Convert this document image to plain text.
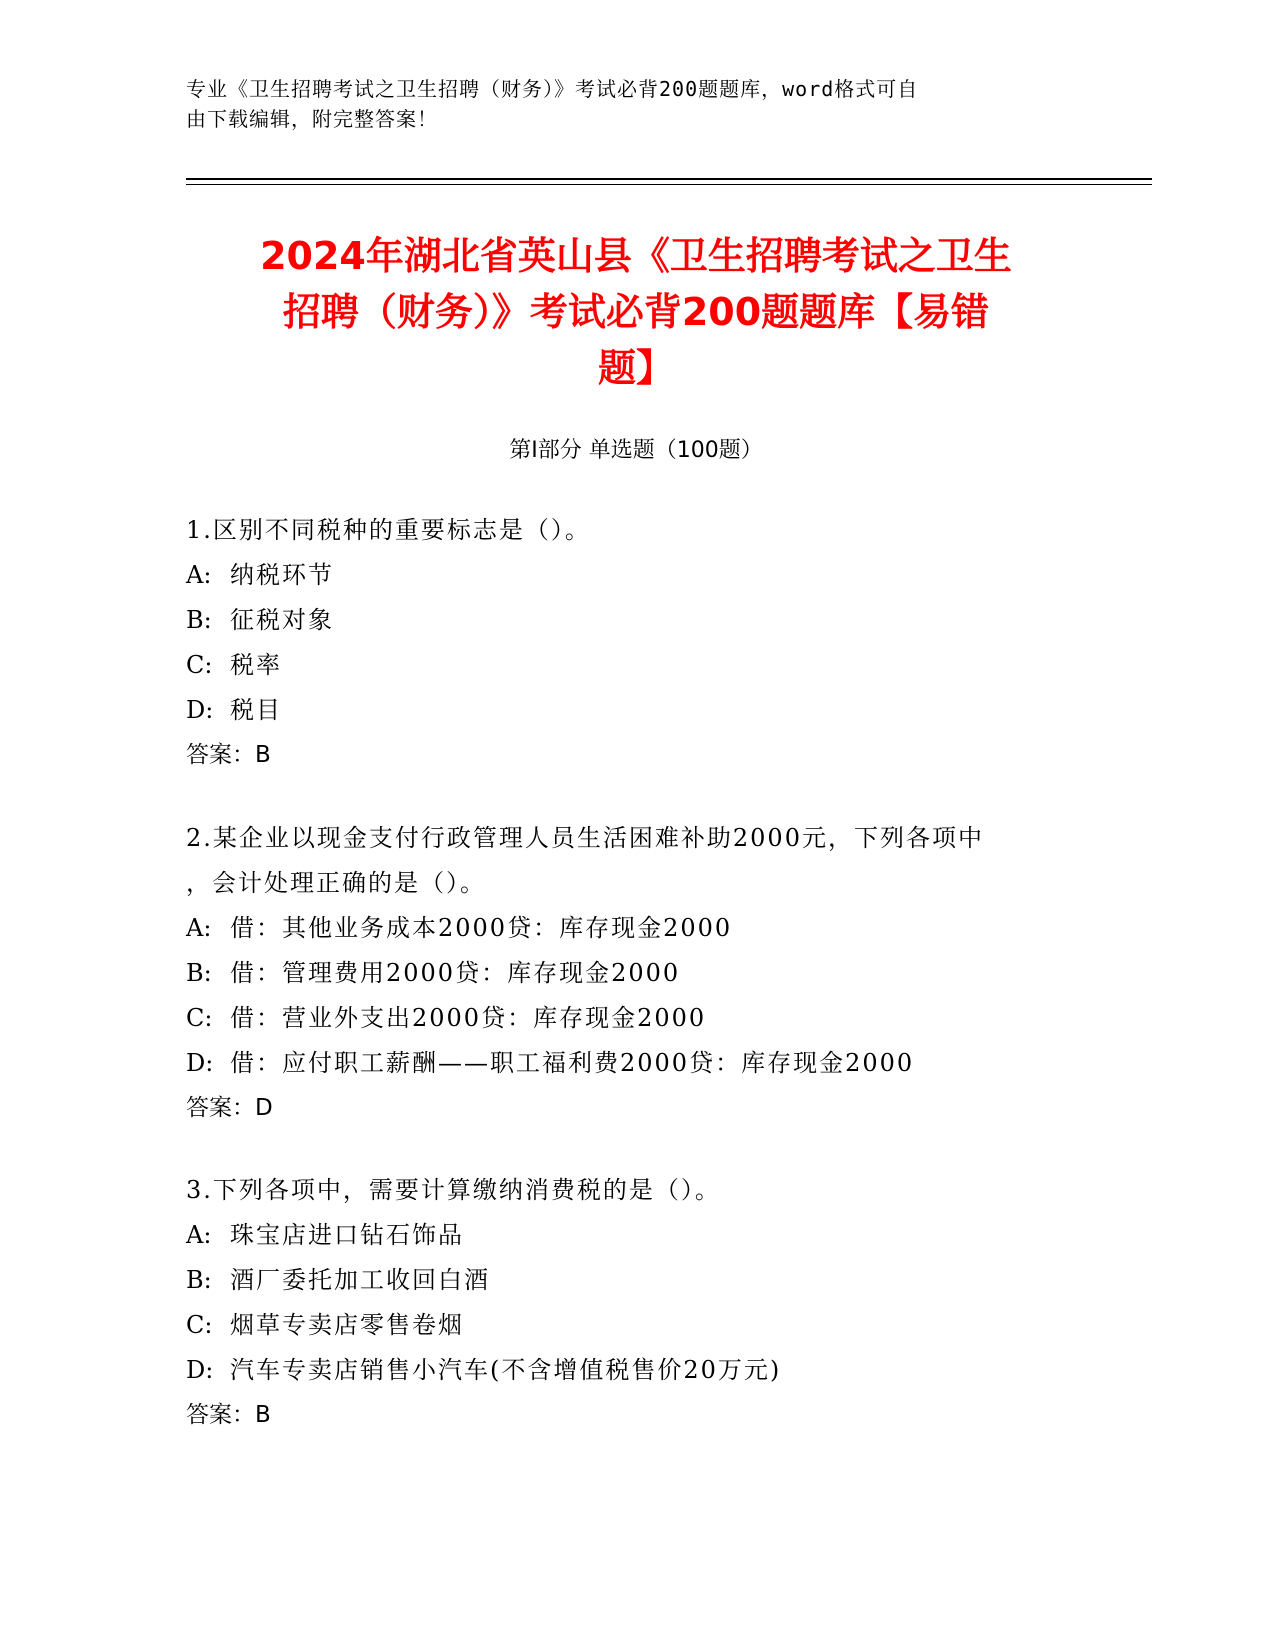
专业《卫生招聘考试之卫生招聘（财务）》考试必背200题题库，word格式可自
由下载编辑，附完整答案！
2024年湖北省英山县《卫生招聘考试之卫生
招聘（财务）》考试必背200题题库【易错
题】
第I部分 单选题（100题）
1.区别不同税种的重要标志是（）。
A: 纳税环节
B: 征税对象
C: 税率
D: 税目
答案：B
2.某企业以现金支付行政管理人员生活困难补助2000元，下列各项中
，会计处理正确的是（）。
A: 借：其他业务成本2000贷：库存现金2000
B: 借：管理费用2000贷：库存现金2000
C: 借：营业外支出2000贷：库存现金2000
D: 借：应付职工薪酬——职工福利费2000贷：库存现金2000
答案：D
3.下列各项中，需要计算缴纳消费税的是（）。
A: 珠宝店进口钻石饰品
B: 酒厂委托加工收回白酒
C: 烟草专卖店零售卷烟
D: 汽车专卖店销售小汽车(不含增值税售价20万元)
答案：B
